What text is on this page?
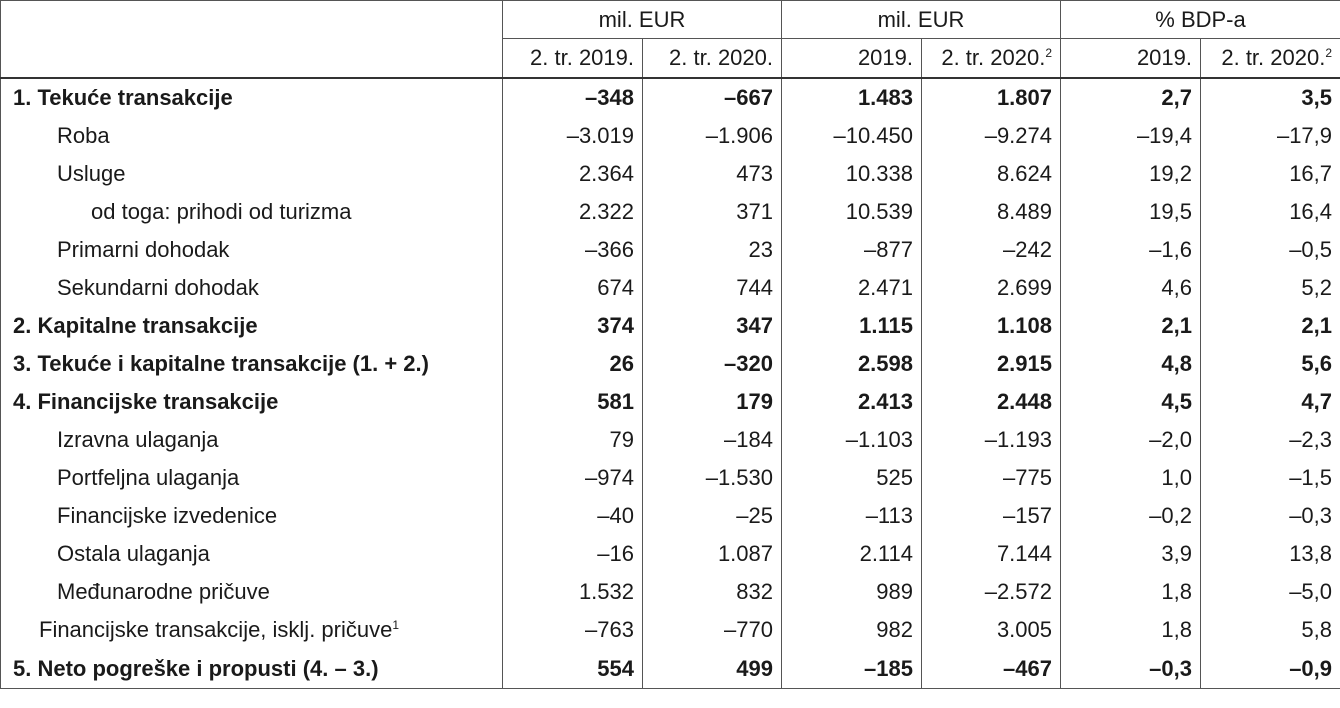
	mil. EUR		mil. EUR		% BDP-a	
	2. tr. 2019.	2. tr. 2020.	2019.	2. tr. 2020.$^2$	2019.	2. tr. 2020.$^2$
1. Tekuće transakcije	–348	–667	1.483	1.807	2,7	3,5
Roba	–3.019	–1.906	–10.450	–9.274	–19,4	–17,9
Usluge	2.364	473	10.338	8.624	19,2	16,7
od toga: prihodi od turizma	2.322	371	10.539	8.489	19,5	16,4
Primarni dohodak	–366	23	–877	–242	–1,6	–0,5
Sekundarni dohodak	674	744	2.471	2.699	4,6	5,2
2. Kapitalne transakcije	374	347	1.115	1.108	2,1	2,1
3. Tekuće i kapitalne transakcije (1. + 2.)	26	–320	2.598	2.915	4,8	5,6
4. Financijske transakcije	581	179	2.413	2.448	4,5	4,7
Izravna ulaganja	79	–184	–1.103	–1.193	–2,0	–2,3
Portfeljna ulaganja	–974	–1.530	525	–775	1,0	–1,5
Financijske izvedenice	–40	–25	–113	–157	–0,2	–0,3
Ostala ulaganja	–16	1.087	2.114	7.144	3,9	13,8
Međunarodne pričuve	1.532	832	989	–2.572	1,8	–5,0
Financijske transakcije, isklj. pričuve$^1$	–763	–770	982	3.005	1,8	5,8
5. Neto pogreške i propusti (4. – 3.)	554	499	–185	–467	–0,3	–0,9
